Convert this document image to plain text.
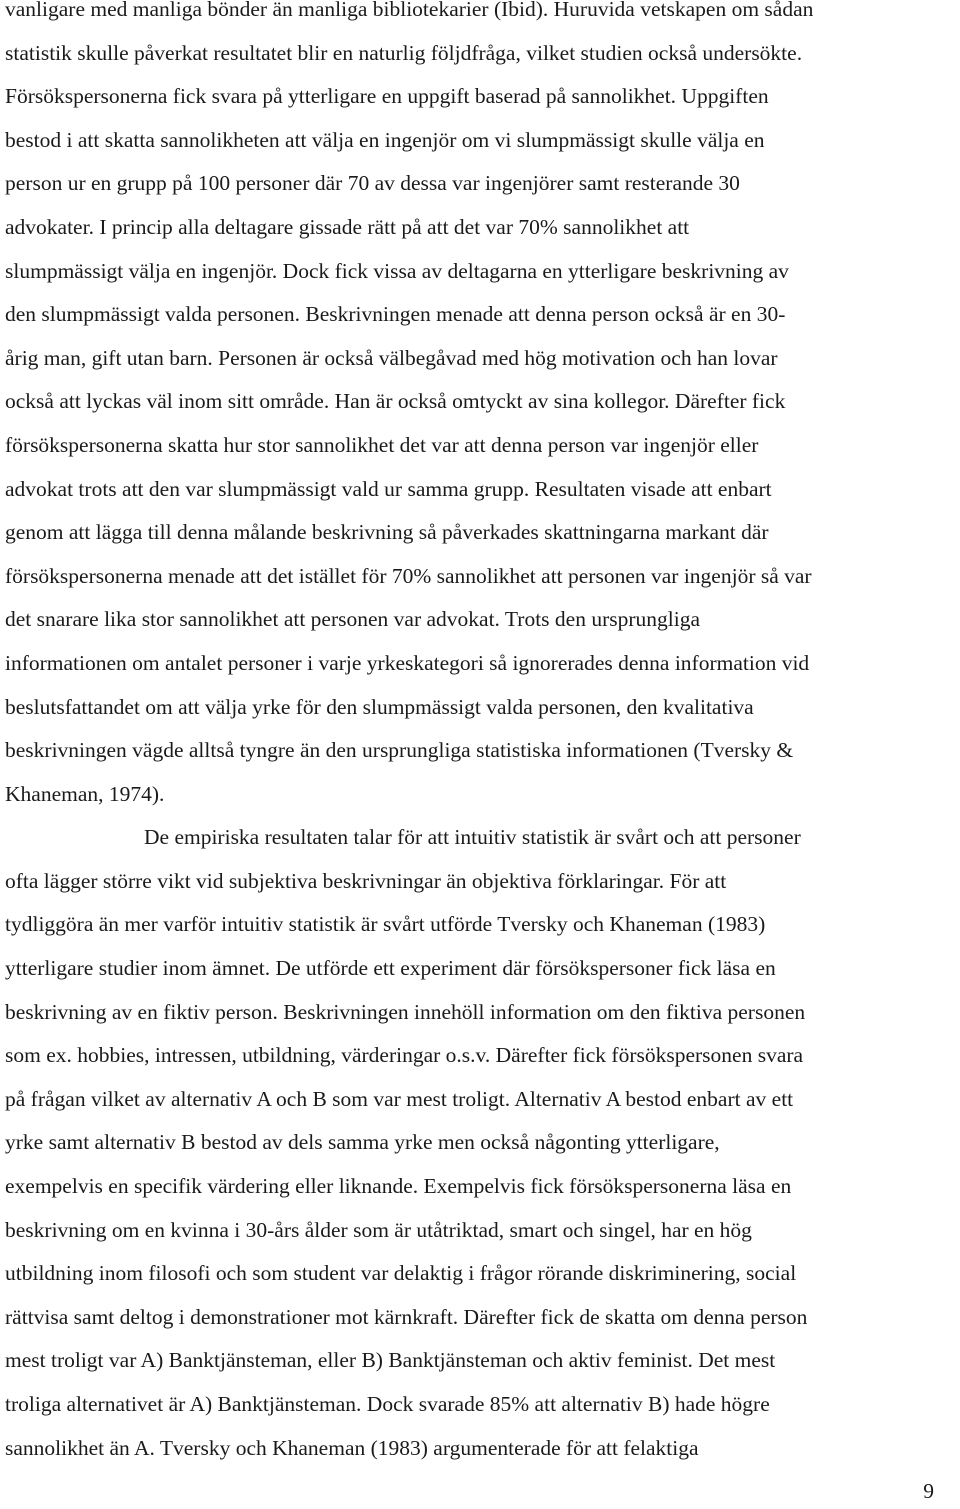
vanligare med manliga bönder än manliga bibliotekarier (Ibid). Huruvida vetskapen om sådan
statistik skulle påverkat resultatet blir en naturlig följdfråga, vilket studien också undersökte.
Försökspersonerna fick svara på ytterligare en uppgift baserad på sannolikhet. Uppgiften
bestod i att skatta sannolikheten att välja en ingenjör om vi slumpmässigt skulle välja en
person ur en grupp på 100 personer där 70 av dessa var ingenjörer samt resterande 30
advokater. I princip alla deltagare gissade rätt på att det var 70% sannolikhet att
slumpmässigt välja en ingenjör. Dock fick vissa av deltagarna en ytterligare beskrivning av
den slumpmässigt valda personen. Beskrivningen menade att denna person också är en 30-
årig man, gift utan barn. Personen är också välbegåvad med hög motivation och han lovar
också att lyckas väl inom sitt område. Han är också omtyckt av sina kollegor. Därefter fick
försökspersonerna skatta hur stor sannolikhet det var att denna person var ingenjör eller
advokat trots att den var slumpmässigt vald ur samma grupp. Resultaten visade att enbart
genom att lägga till denna målande beskrivning så påverkades skattningarna markant där
försökspersonerna menade att det istället för 70% sannolikhet att personen var ingenjör så var
det snarare lika stor sannolikhet att personen var advokat. Trots den ursprungliga
informationen om antalet personer i varje yrkeskategori så ignorerades denna information vid
beslutsfattandet om att välja yrke för den slumpmässigt valda personen, den kvalitativa
beskrivningen vägde alltså tyngre än den ursprungliga statistiska informationen (Tversky &
Khaneman, 1974).
De empiriska resultaten talar för att intuitiv statistik är svårt och att personer
ofta lägger större vikt vid subjektiva beskrivningar än objektiva förklaringar. För att
tydliggöra än mer varför intuitiv statistik är svårt utförde Tversky och Khaneman (1983)
ytterligare studier inom ämnet. De utförde ett experiment där försökspersoner fick läsa en
beskrivning av en fiktiv person. Beskrivningen innehöll information om den fiktiva personen
som ex. hobbies, intressen, utbildning, värderingar o.s.v. Därefter fick försökspersonen svara
på frågan vilket av alternativ A och B som var mest troligt. Alternativ A bestod enbart av ett
yrke samt alternativ B bestod av dels samma yrke men också någonting ytterligare,
exempelvis en specifik värdering eller liknande. Exempelvis fick försökspersonerna läsa en
beskrivning om en kvinna i 30-års ålder som är utåtriktad, smart och singel, har en hög
utbildning inom filosofi och som student var delaktig i frågor rörande diskriminering, social
rättvisa samt deltog i demonstrationer mot kärnkraft. Därefter fick de skatta om denna person
mest troligt var A) Banktjänsteman, eller B) Banktjänsteman och aktiv feminist. Det mest
troliga alternativet är A) Banktjänsteman. Dock svarade 85% att alternativ B) hade högre
sannolikhet än A. Tversky och Khaneman (1983) argumenterade för att felaktiga
9
